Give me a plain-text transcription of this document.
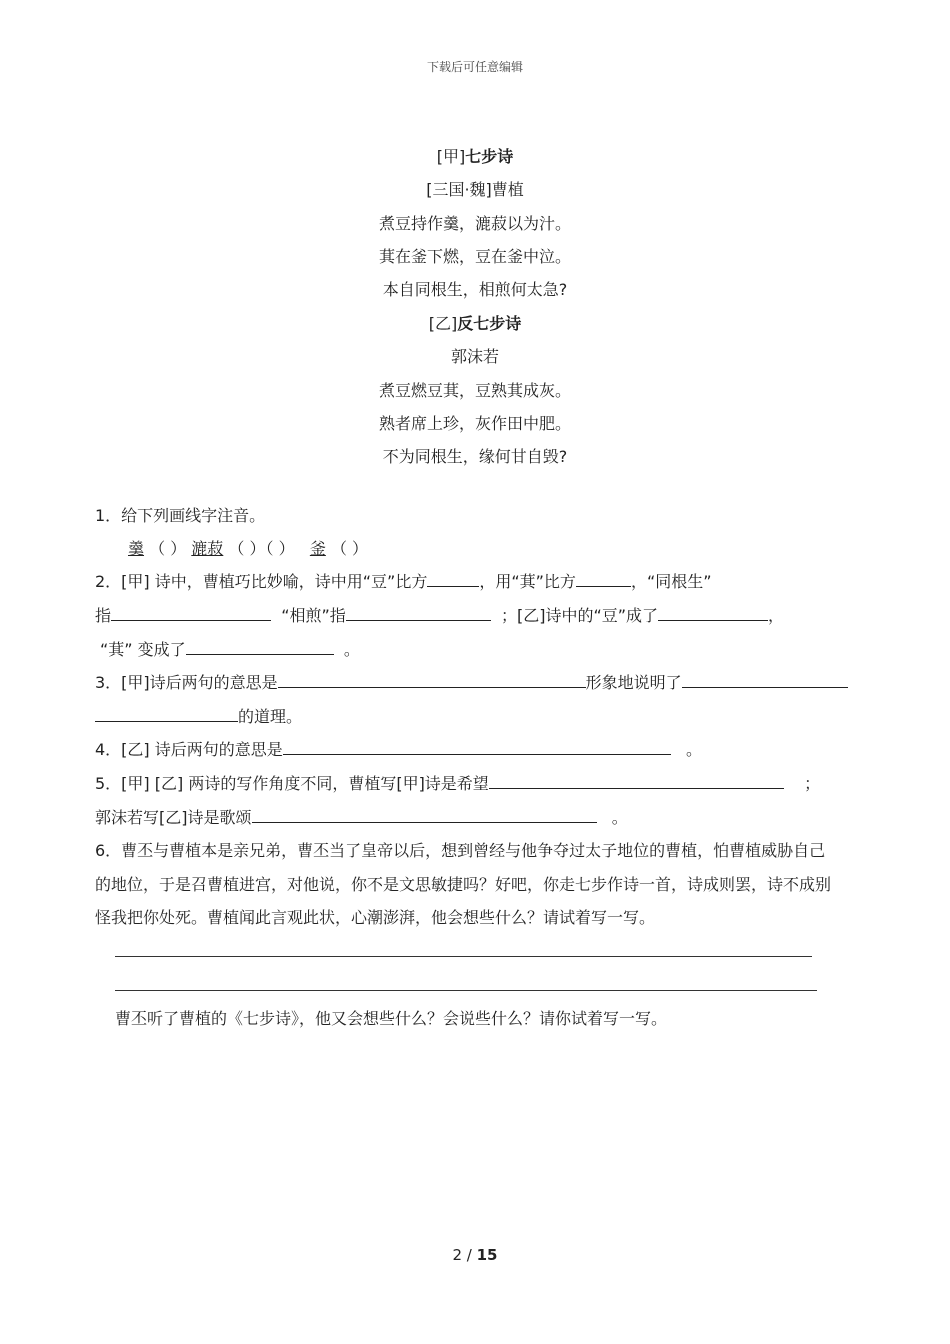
下载后可任意编辑
[甲]七步诗
[三国·魏]曹植
煮豆持作羹，漉菽以为汁。
萁在釜下燃，豆在釜中泣。
本自同根生，相煎何太急?
[乙]反七步诗
郭沫若
煮豆燃豆萁，豆熟萁成灰。
熟者席上珍，灰作田中肥。
不为同根生，缘何甘自毁?
1．给下列画线字注音。
羹 （ ） 漉菽 （ ）（ ） 釜 （ ）
2．[甲] 诗中，曹植巧比妙喻，诗中用“豆”比方	，用“萁”比方	，“同根生”
指	“相煎”指	；[乙]诗中的“豆”成了	，
“萁” 变成了	。
3．[甲]诗后两句的意思是	形象地说明了
的道理。
4．[乙] 诗后两句的意思是	。
5．[甲] [乙] 两诗的写作角度不同，曹植写[甲]诗是希望	；
郭沫若写[乙]诗是歌颂	。
6．曹丕与曹植本是亲兄弟，曹丕当了皇帝以后，想到曾经与他争夺过太子地位的曹植，怕曹植威胁自己
的地位，于是召曹植进宫，对他说，你不是文思敏捷吗？好吧，你走七步作诗一首，诗成则罢，诗不成别
怪我把你处死。曹植闻此言观此状，心潮澎湃，他会想些什么？请试着写一写。
曹丕听了曹植的《七步诗》，他又会想些什么？会说些什么？请你试着写一写。
2 / 15
